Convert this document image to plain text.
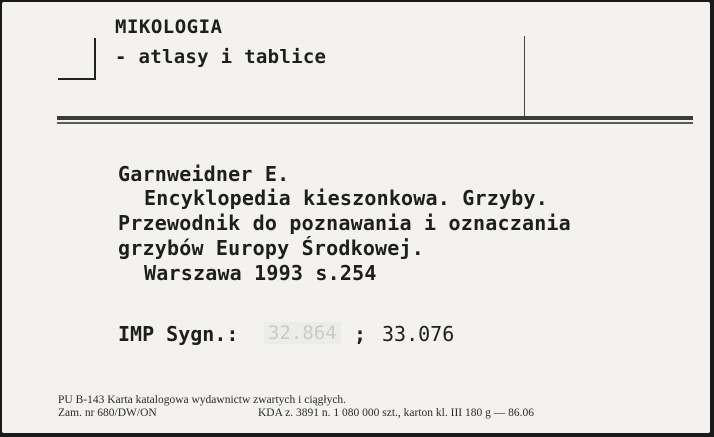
MIKOLOGIA
- atlasy i tablice
Garnweidner E.
Encyklopedia kieszonkowa. Grzyby.
Przewodnik do poznawania i oznaczania
grzybów Europy Środkowej.
Warszawa 1993 s.254
IMP Sygn.: 32.864 ; 33.076
PU B-143 Karta katalogowa wydawnictw zwartych i ciągłych.
Zam. nr 680/DW/ON	KDA z. 3891 n. 1 080 000 szt., karton kl. III 180 g — 86.06
